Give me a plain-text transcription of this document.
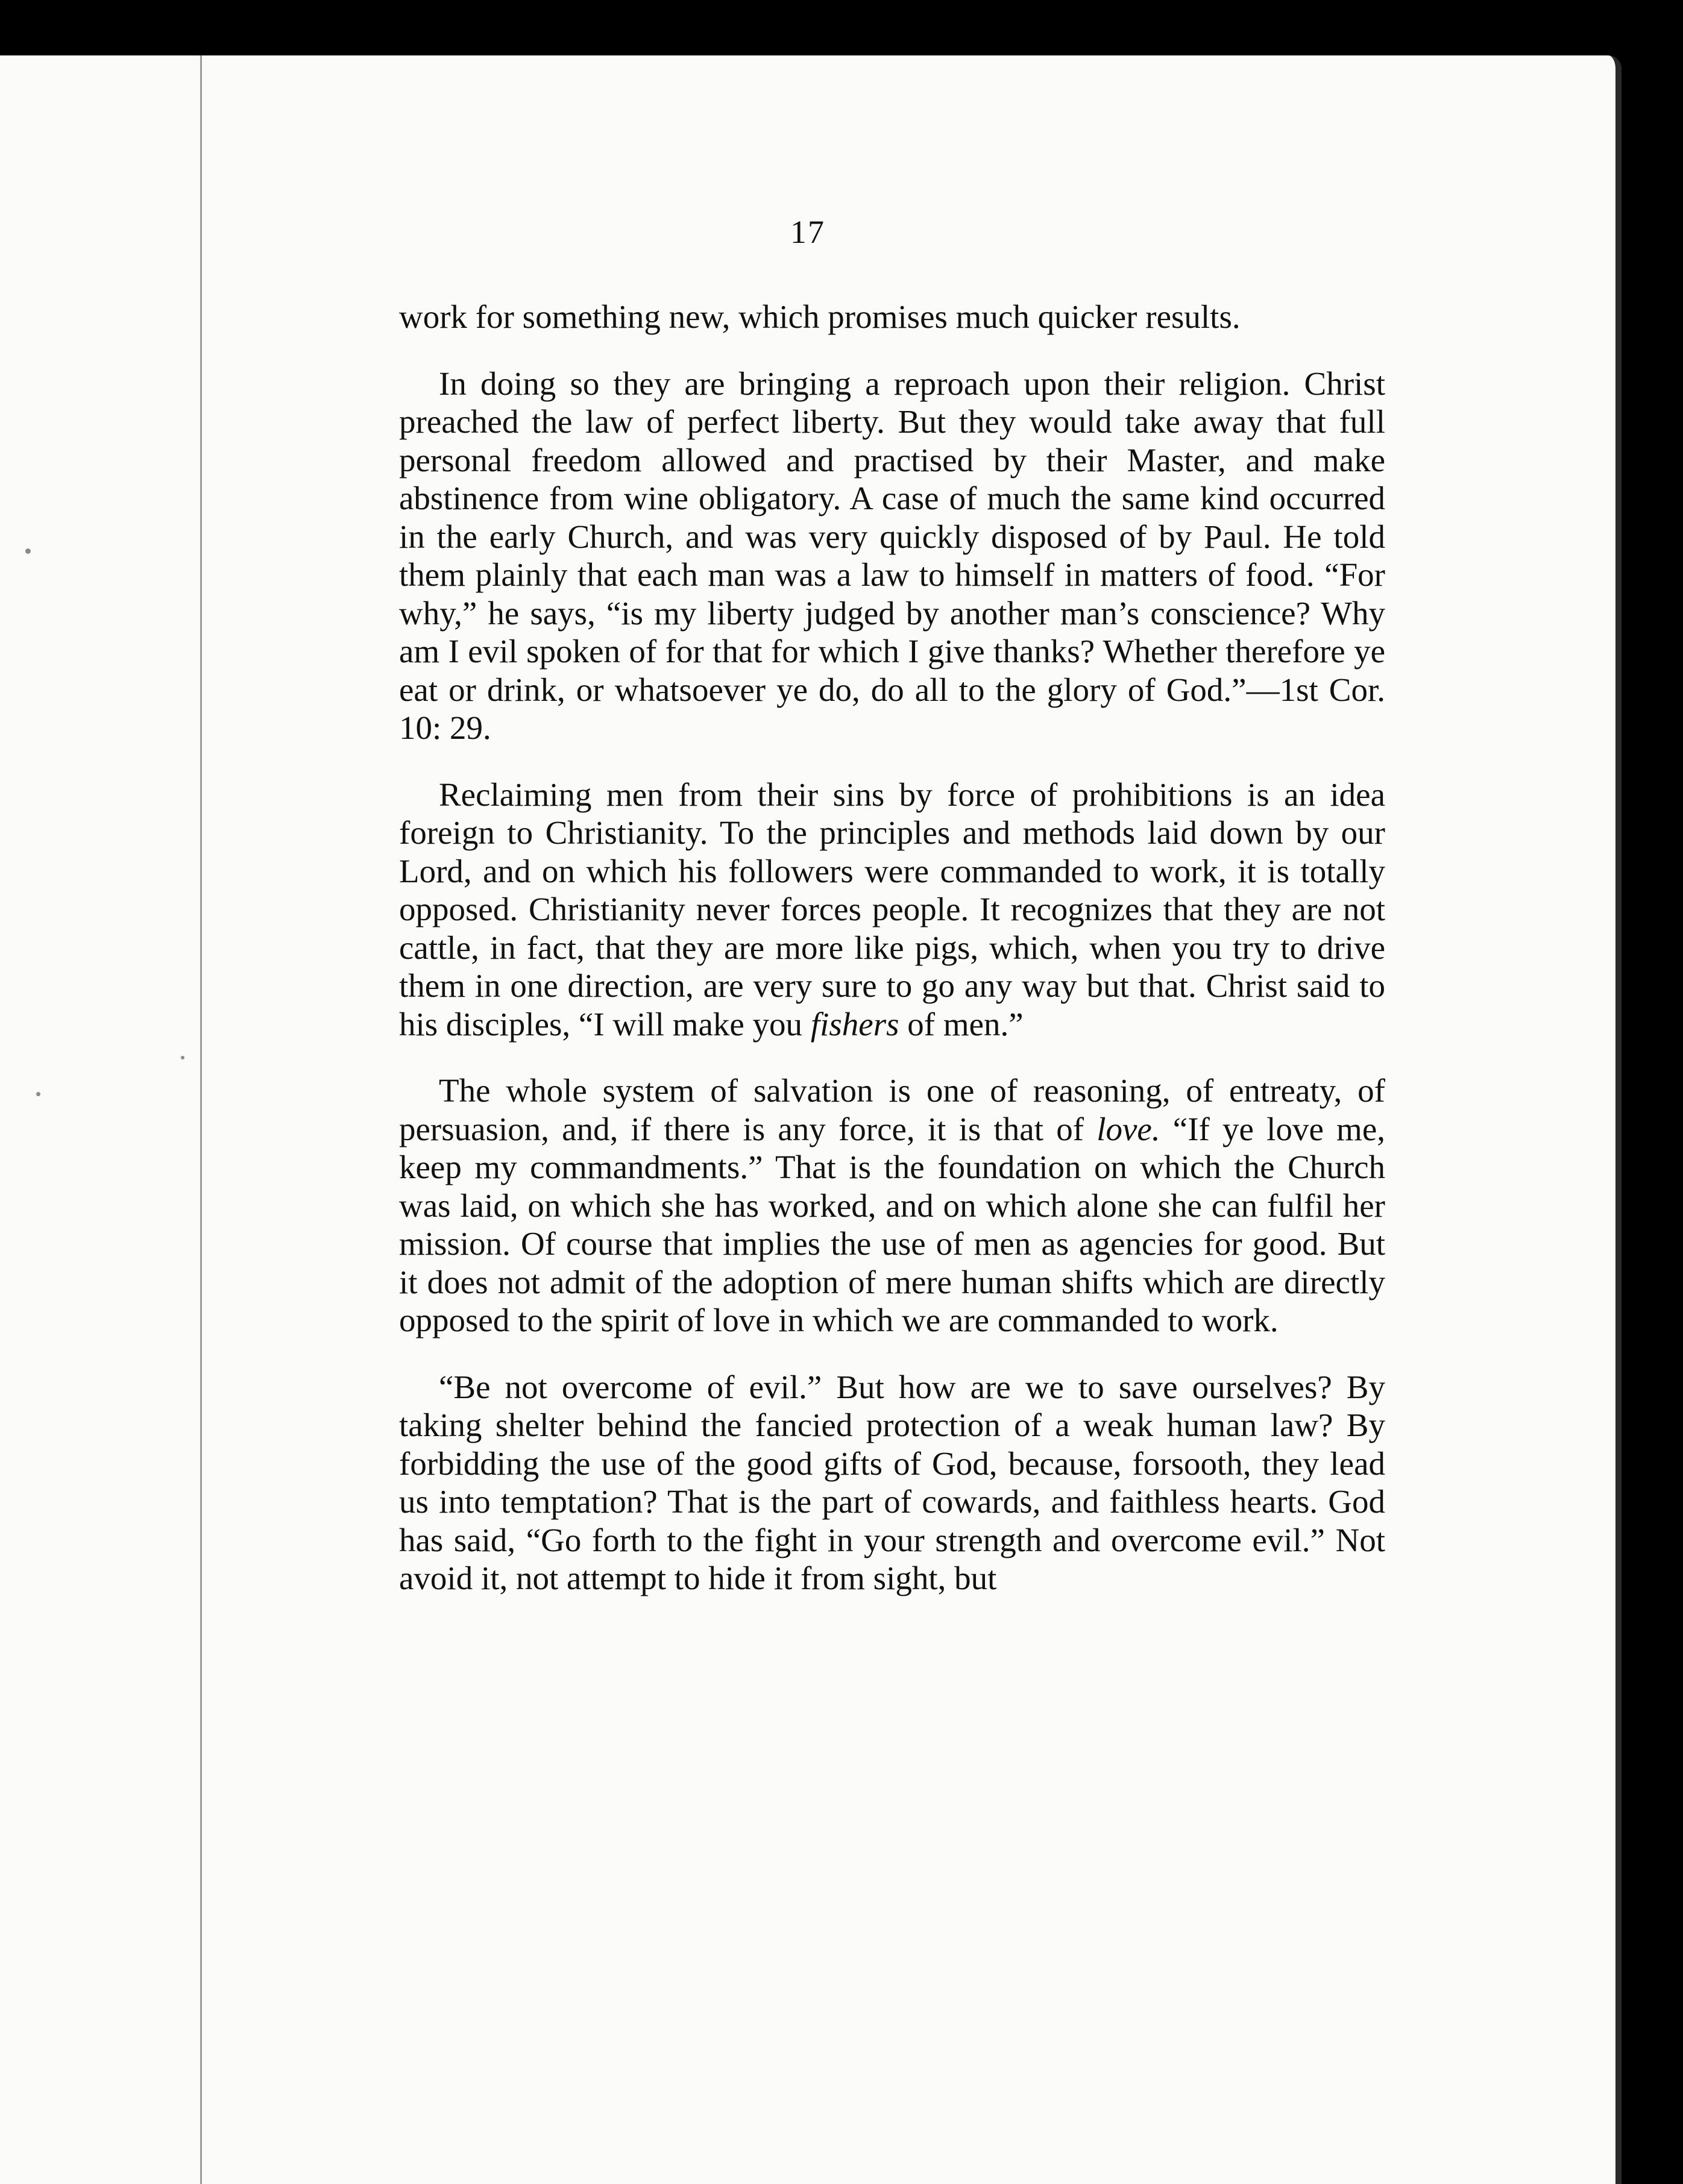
17

work for something new, which promises much quicker results.

In doing so they are bringing a reproach upon their religion. Christ preached the law of perfect liberty. But they would take away that full personal freedom allowed and practised by their Master, and make abstinence from wine obligatory. A case of much the same kind occurred in the early Church, and was very quickly disposed of by Paul. He told them plainly that each man was a law to himself in matters of food. “For why,” he says, “is my liberty judged by another man’s conscience? Why am I evil spoken of for that for which I give thanks? Whether therefore ye eat or drink, or whatsoever ye do, do all to the glory of God.”—1st Cor. 10: 29.

Reclaiming men from their sins by force of prohibitions is an idea foreign to Christianity. To the principles and methods laid down by our Lord, and on which his followers were commanded to work, it is totally opposed. Christianity never forces people. It recognizes that they are not cattle, in fact, that they are more like pigs, which, when you try to drive them in one direction, are very sure to go any way but that. Christ said to his disciples, “I will make you fishers of men.”

The whole system of salvation is one of reasoning, of entreaty, of persuasion, and, if there is any force, it is that of love. “If ye love me, keep my commandments.” That is the foundation on which the Church was laid, on which she has worked, and on which alone she can fulfil her mission. Of course that implies the use of men as agencies for good. But it does not admit of the adoption of mere human shifts which are directly opposed to the spirit of love in which we are commanded to work.

“Be not overcome of evil.” But how are we to save ourselves? By taking shelter behind the fancied protection of a weak human law? By forbidding the use of the good gifts of God, because, forsooth, they lead us into temptation? That is the part of cowards, and faithless hearts. God has said, “Go forth to the fight in your strength and overcome evil.” Not avoid it, not attempt to hide it from sight, but
